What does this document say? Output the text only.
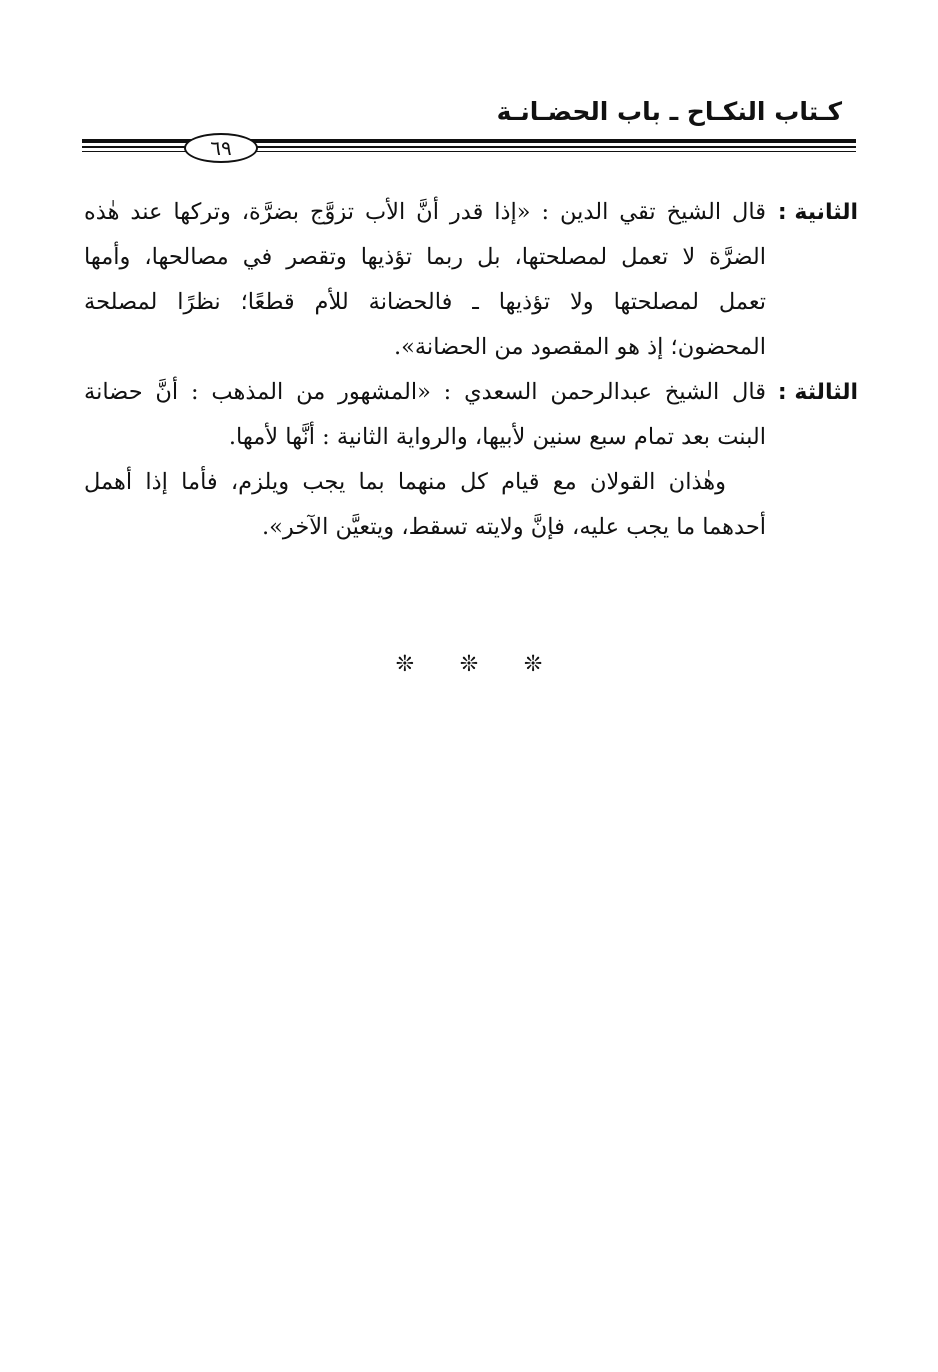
كـتاب النكـاح ـ باب الحضـانـة
٦٩
الثانية :
قال الشيخ تقي الدين : «إذا قدر أنَّ الأب تزوَّج بضرَّة، وتركها عند هٰذه
الضرَّة لا تعمل لمصلحتها، بل ربما تؤذيها وتقصر في مصالحها، وأمها
تعمل لمصلحتها ولا تؤذيها ـ فالحضانة للأم قطعًا؛ نظرًا لمصلحة
المحضون؛ إذ هو المقصود من الحضانة».
الثالثة :
قال الشيخ عبدالرحمن السعدي : «المشهور من المذهب : أنَّ حضانة
البنت بعد تمام سبع سنين لأبيها، والرواية الثانية : أنَّها لأمها.
وهٰذان القولان مع قيام كل منهما بما يجب ويلزم، فأما إذا أهمل
أحدهما ما يجب عليه، فإنَّ ولايته تسقط، ويتعيَّن الآخر».
❊ ❊ ❊
